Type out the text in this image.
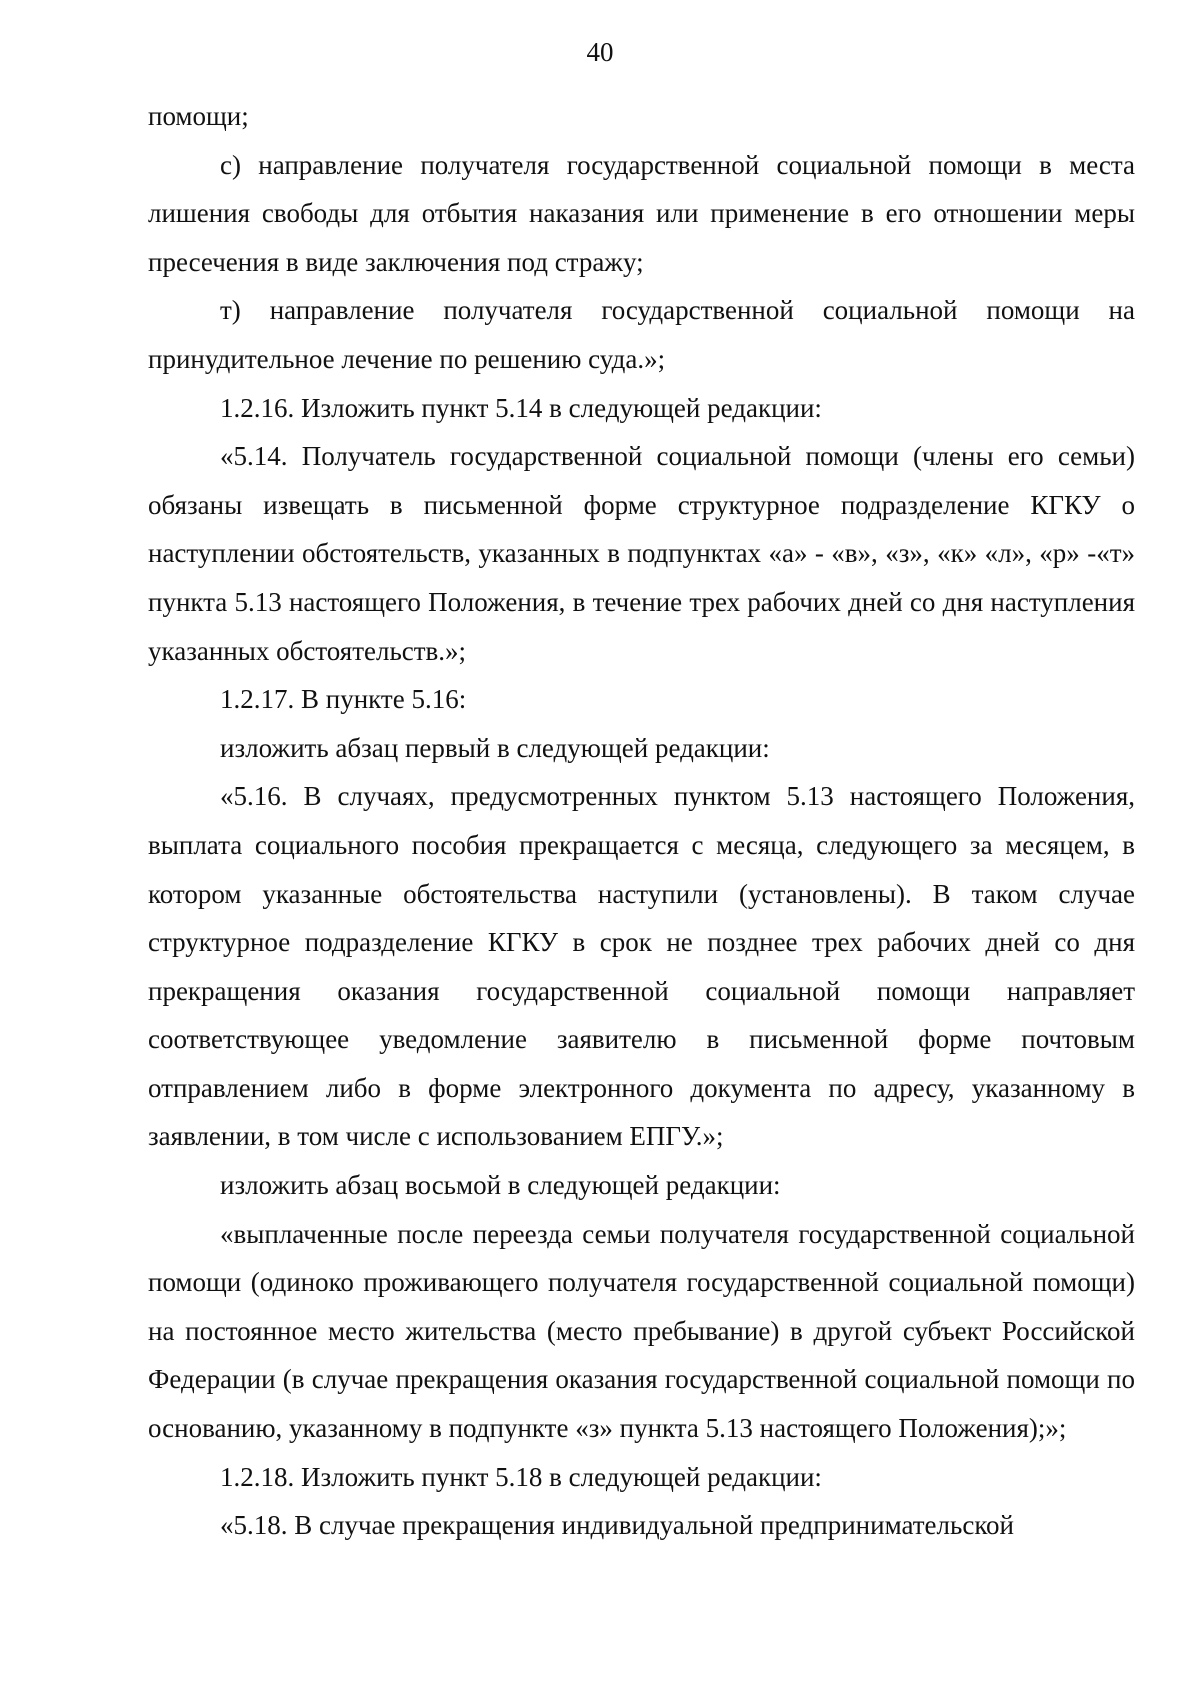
40

помощи;

с) направление получателя государственной социальной помощи в места лишения свободы для отбытия наказания или применение в его отношении меры пресечения в виде заключения под стражу;

т) направление получателя государственной социальной помощи на принудительное лечение по решению суда.»;

1.2.16. Изложить пункт 5.14 в следующей редакции:

«5.14. Получатель государственной социальной помощи (члены его семьи) обязаны извещать в письменной форме структурное подразделение КГКУ о наступлении обстоятельств, указанных в подпунктах «а» - «в», «з», «к» «л», «р» -«т» пункта 5.13 настоящего Положения, в течение трех рабочих дней со дня наступления указанных обстоятельств.»;

1.2.17. В пункте 5.16:

изложить абзац первый в следующей редакции:

«5.16. В случаях, предусмотренных пунктом 5.13 настоящего Положения, выплата социального пособия прекращается с месяца, следующего за месяцем, в котором указанные обстоятельства наступили (установлены). В таком случае структурное подразделение КГКУ в срок не позднее трех рабочих дней со дня прекращения оказания государственной социальной помощи направляет соответствующее уведомление заявителю в письменной форме почтовым отправлением либо в форме электронного документа по адресу, указанному в заявлении, в том числе с использованием ЕПГУ.»;

изложить абзац восьмой в следующей редакции:

«выплаченные после переезда семьи получателя государственной социальной помощи (одиноко проживающего получателя государственной социальной помощи) на постоянное место жительства (место пребывание) в другой субъект Российской Федерации (в случае прекращения оказания государственной социальной помощи по основанию, указанному в подпункте «з» пункта 5.13 настоящего Положения);»;

1.2.18. Изложить пункт 5.18 в следующей редакции:

«5.18. В случае прекращения индивидуальной предпринимательской
